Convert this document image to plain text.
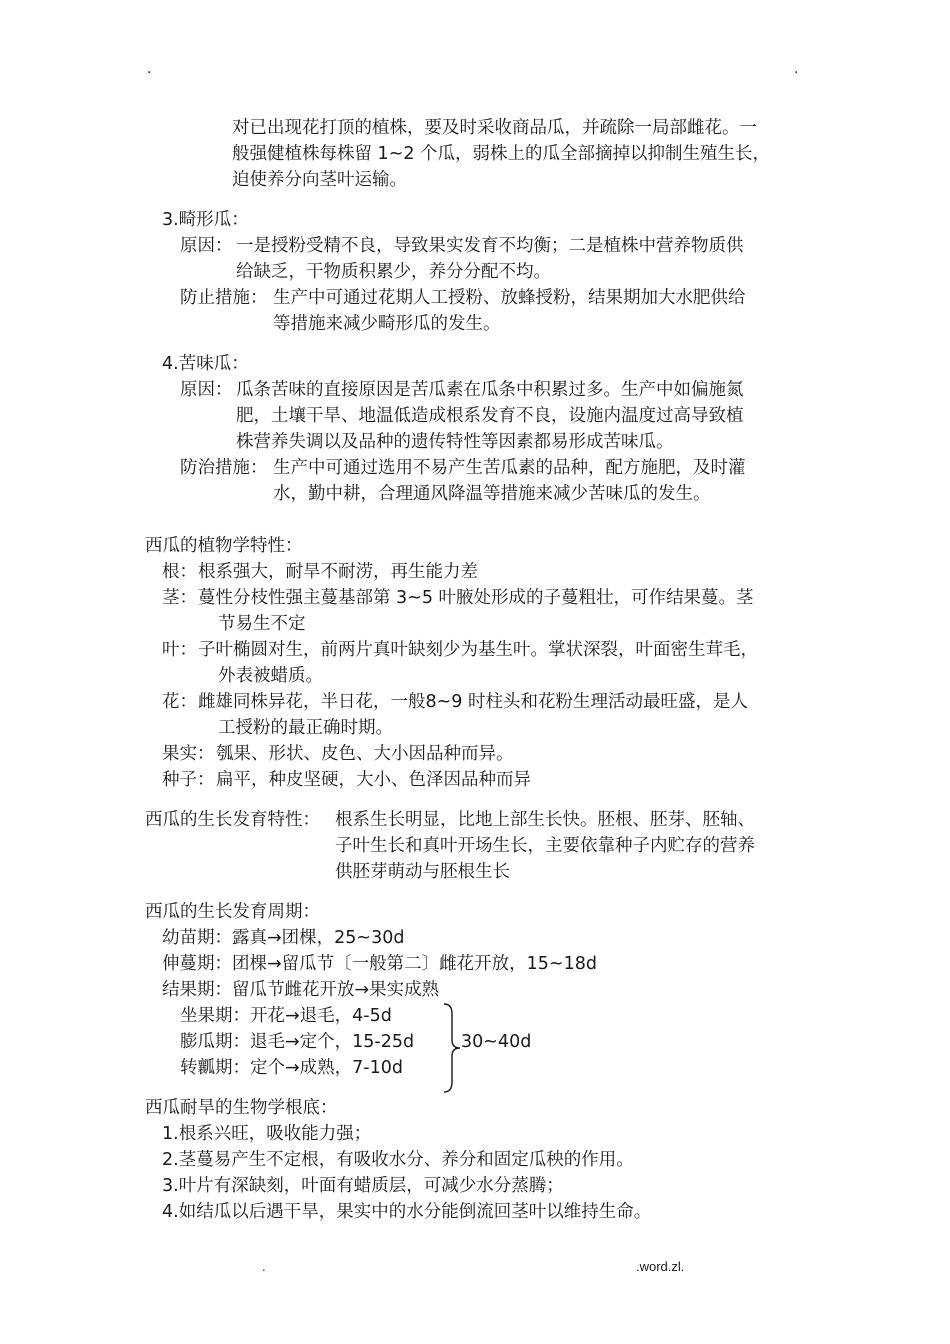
.	.
对已出现花打顶的植株，要及时采收商品瓜，并疏除一局部雌花。一
般强健植株每株留 1~2 个瓜，弱株上的瓜全部摘掉以抑制生殖生长，
迫使养分向茎叶运输。
3.畸形瓜：
原因： 一是授粉受精不良，导致果实发育不均衡；二是植株中营养物质供
给缺乏，干物质积累少，养分分配不均。
防止措施： 生产中可通过花期人工授粉、放蜂授粉，结果期加大水肥供给
等措施来减少畸形瓜的发生。
4.苦味瓜：
原因： 瓜条苦味的直接原因是苦瓜素在瓜条中积累过多。生产中如偏施氮
肥，土壤干旱、地温低造成根系发育不良，设施内温度过高导致植
株营养失调以及品种的遗传特性等因素都易形成苦味瓜。
防治措施： 生产中可通过选用不易产生苦瓜素的品种，配方施肥，及时灌
水，勤中耕，合理通风降温等措施来减少苦味瓜的发生。
西瓜的植物学特性：
根： 根系强大，耐旱不耐涝，再生能力差
茎： 蔓性分枝性强主蔓基部第 3~5 叶腋处形成的子蔓粗壮，可作结果蔓。茎
节易生不定
叶： 子叶椭圆对生，前两片真叶缺刻少为基生叶。掌状深裂，叶面密生茸毛，
外表被蜡质。
花： 雌雄同株异花，半日花，一般8~9 时柱头和花粉生理活动最旺盛，是人
工授粉的最正确时期。
果实： 瓠果、形状、皮色、大小因品种而异。
种子： 扁平，种皮坚硬，大小、色泽因品种而异
西瓜的生长发育特性： 根系生长明显，比地上部生长快。胚根、胚芽、胚轴、
子叶生长和真叶开场生长，主要依靠种子内贮存的营养
供胚芽萌动与胚根生长
西瓜的生长发育周期：
幼苗期：露真→团棵，25~30d
伸蔓期：团棵→留瓜节〔一般第二〕雌花开放，15~18d
结果期：留瓜节雌花开放→果实成熟
坐果期：开花→退毛，4-5d
膨瓜期：退毛→定个，15-25d
转瓤期：定个→成熟，7-10d
30~40d
西瓜耐旱的生物学根底：
1.根系兴旺，吸收能力强；
2.茎蔓易产生不定根，有吸收水分、养分和固定瓜秧的作用。
3.叶片有深缺刻，叶面有蜡质层，可减少水分蒸腾；
4.如结瓜以后遇干旱，果实中的水分能倒流回茎叶以维持生命。
.	.word.zl.
